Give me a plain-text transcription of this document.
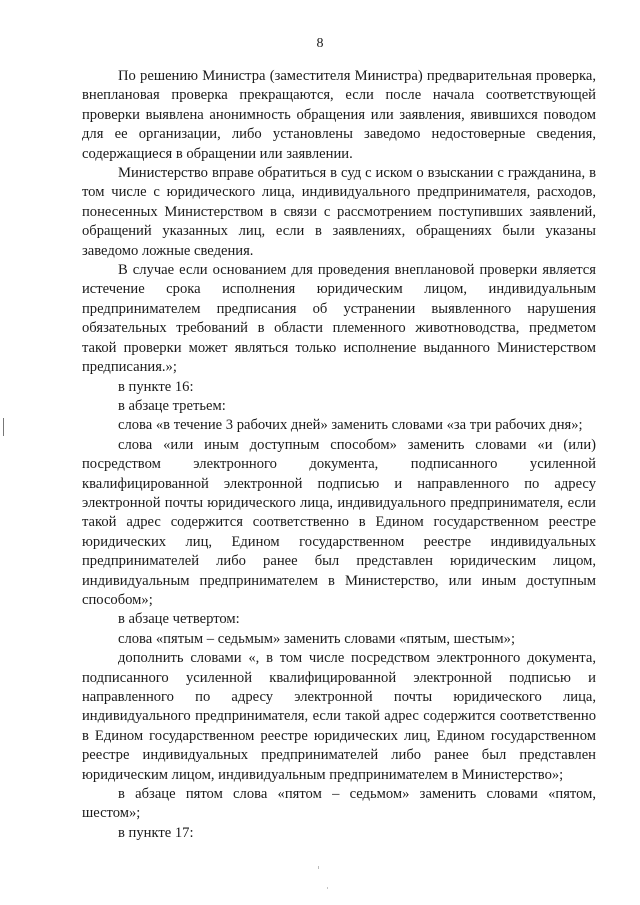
8

По решению Министра (заместителя Министра) предварительная проверка, внеплановая проверка прекращаются, если после начала соответствующей проверки выявлена анонимность обращения или заявления, явившихся поводом для ее организации, либо установлены заведомо недостоверные сведения, содержащиеся в обращении или заявлении.

Министерство вправе обратиться в суд с иском о взыскании с гражданина, в том числе с юридического лица, индивидуального предпринимателя, расходов, понесенных Министерством в связи с рассмотрением поступивших заявлений, обращений указанных лиц, если в заявлениях, обращениях были указаны заведомо ложные сведения.

В случае если основанием для проведения внеплановой проверки является истечение срока исполнения юридическим лицом, индивидуальным предпринимателем предписания об устранении выявленного нарушения обязательных требований в области племенного животноводства, предметом такой проверки может являться только исполнение выданного Министерством предписания.»;

в пункте 16:

в абзаце третьем:

слова «в течение 3 рабочих дней» заменить словами «за три рабочих дня»;

слова «или иным доступным способом» заменить словами «и (или) посредством электронного документа, подписанного усиленной квалифицированной электронной подписью и направленного по адресу электронной почты юридического лица, индивидуального предпринимателя, если такой адрес содержится соответственно в Едином государственном реестре юридических лиц, Едином государственном реестре индивидуальных предпринимателей либо ранее был представлен юридическим лицом, индивидуальным предпринимателем в Министерство, или иным доступным способом»;

в абзаце четвертом:

слова «пятым – седьмым» заменить словами «пятым, шестым»;

дополнить словами «, в том числе посредством электронного документа, подписанного усиленной квалифицированной электронной подписью и направленного по адресу электронной почты юридического лица, индивидуального предпринимателя, если такой адрес содержится соответственно в Едином государственном реестре юридических лиц, Едином государственном реестре индивидуальных предпринимателей либо ранее был представлен юридическим лицом, индивидуальным предпринимателем в Министерство»;

в абзаце пятом слова «пятом – седьмом» заменить словами «пятом, шестом»;

в пункте 17:
